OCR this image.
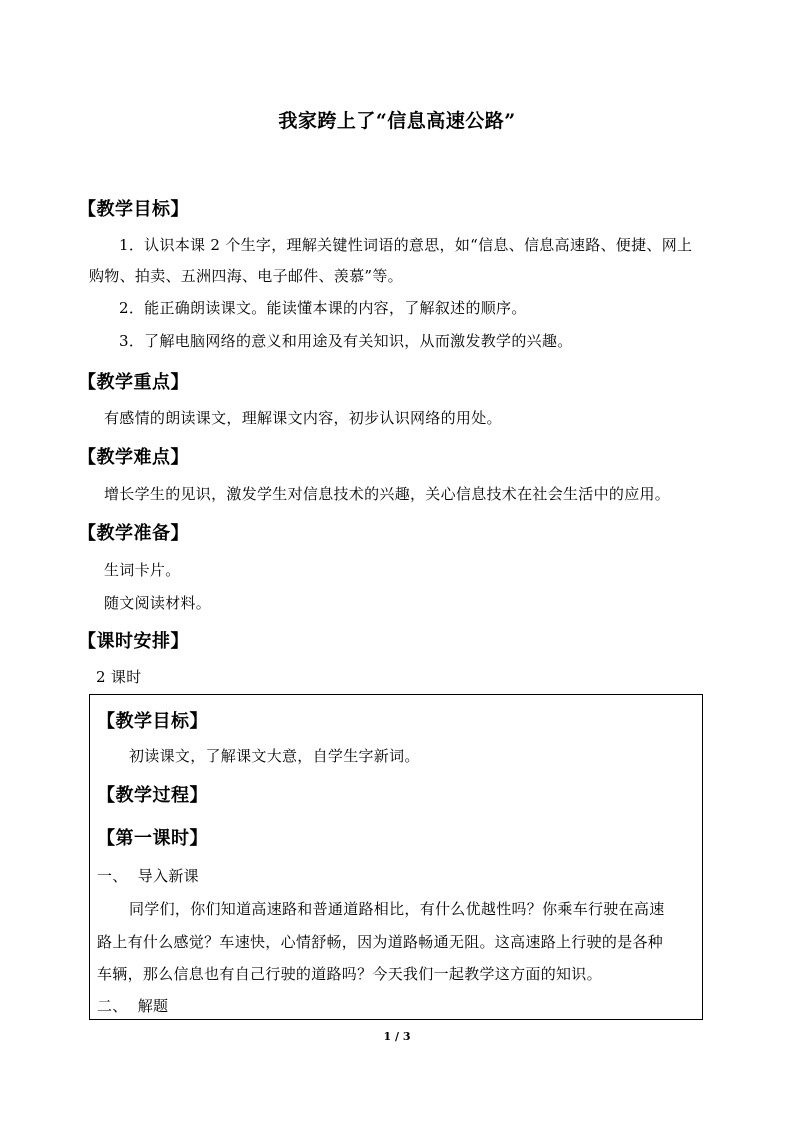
我家跨上了“信息高速公路”
【教学目标】
1．认识本课 2 个生字，理解关键性词语的意思，如“信息、信息高速路、便捷、网上
购物、拍卖、五洲四海、电子邮件、羡慕”等。
2．能正确朗读课文。能读懂本课的内容，了解叙述的顺序。
3．了解电脑网络的意义和用途及有关知识，从而激发教学的兴趣。
【教学重点】
有感情的朗读课文，理解课文内容，初步认识网络的用处。
【教学难点】
增长学生的见识，激发学生对信息技术的兴趣，关心信息技术在社会生活中的应用。
【教学准备】
生词卡片。
随文阅读材料。
【课时安排】
2 课时
【教学目标】
初读课文，了解课文大意，自学生字新词。
【教学过程】
【第一课时】
一、  导入新课
同学们，你们知道高速路和普通道路相比，有什么优越性吗？你乘车行驶在高速
路上有什么感觉？车速快，心情舒畅，因为道路畅通无阻。这高速路上行驶的是各种
车辆，那么信息也有自己行驶的道路吗？今天我们一起教学这方面的知识。
二、  解题
1 / 3
